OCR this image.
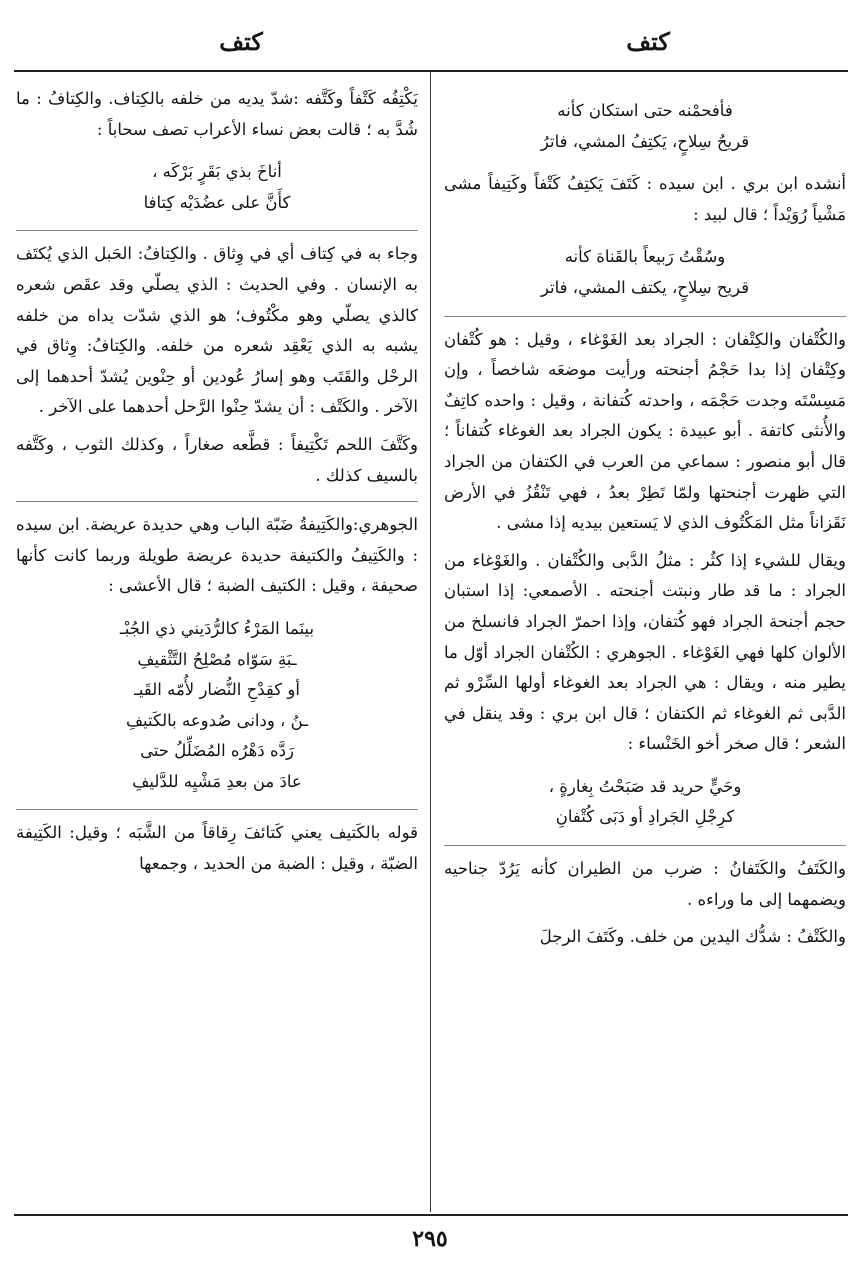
كتف
كتف

فأفحمْنه حتى استكان كأنه

قريحُ سِلاحٍ، يَكتِفُ المشي، فاترُ

أنشده ابن بري . ابن سيده : كَتَفَ يَكتِفُ كَتْفاً وكَتِيفاً مشى مَشْياً رُوَيْداً ؛ قال لبيد :

وسُقْتُ رَبيعاً بالقَناة كأنه

قريح سِلاحٍ، يكتف المشي، فاتر

والكُتْفان والكِتْفان : الجراد بعد الغَوْغاء ، وقيل : هو كُتْفان وكِتْفان إذا بدا حَجْمُ أجنحته ورأيت موضعَه شاخصاً ، وإن مَسِسْتَه وجدت حَجْمَه ، واحدته كُتفانة ، وقيل : واحده كاتِفٌ والأُنثى كاتفة . أبو عبيدة : يكون الجراد بعد الغوغاء كُتفاناً ؛ قال أبو منصور : سماعي من العرب في الكتفان من الجراد التي ظهرت أجنحتها ولمّا تَطِرْ بعدُ ، فهي تَنْقُزُ في الأرض نَقَزاناً مثل المَكْتُوف الذي لا يَستعين بيديه إذا مشى .

ويقال للشيء إذا كثُر : مثلُ الدَّبى والكُتْفان . والغَوْغاء من الجراد : ما قد طار ونبتت أجنحته . الأصمعي: إذا استبان حجم أجنحة الجراد فهو كُتفان، وإذا احمرّ الجراد فانسلخ من الألوان كلها فهي الغَوْغاء . الجوهري : الكُتْفان الجراد أوّل ما يطير منه ، ويقال : هي الجراد بعد الغوغاء أولها السِّرْو ثم الدَّبى ثم الغوغاء ثم الكتفان ؛ قال ابن بري : وقد ينقل في الشعر ؛ قال صخر أخو الخَنْساء :

وحَيٍّ حريد قد صَبَحْتُ بِغارةٍ ،

كرِجْلِ الجَرادِ أو دَبَى كُتْفانِ

والكَتَفُ والكَتَفانُ : ضرب من الطيران كأنه يَرُدّ جناحيه ويضمهما إلى ما وراءه .

والكَتْفُ : شدُّك اليدين من خلف. وكَتَفَ الرجلَ

يَكْتِفُه كَتْفاً وكَتَّفه :شدّ يديه من خلفه بالكِتاف. والكِتافُ : ما شُدَّ به ؛ قالت بعض نساء الأعراب تصف سحاباً :

أناخَ بذي بَقَرٍ بَرْكَه ،

كأَنَّ على عضُدَيْه كِتافا

وجاء به في كِتاف أي في وِثاق . والكِتافُ: الحَبل الذي يُكتَف به الإنسان . وفي الحديث : الذي يصلّي وقد عقَص شعره كالذي يصلّي وهو مكْتُوف؛ هو الذي شدّت يداه من خلفه يشبه به الذي يَعْقِد شعره من خلفه. والكِتافُ: وِثاق في الرحْل والقَتَب وهو إسارُ عُودين أو حِنْوين يُشدّ أحدهما إلى الآخر . والكَتْف : أن يشدّ حِنْوا الرَّحل أحدهما على الآخر .

وكَتَّفَ اللحم تَكْتِيفاً : قطَّعه صغاراً ، وكذلك الثوب ، وكَتَّفه بالسيف كذلك .

الجوهري:والكَتِيفةُ ضَبّة الباب وهي حديدة عريضة. ابن سيده : والكَتِيفُ والكتيفة حديدة عريضة طويلة وربما كانت كأنها صحيفة ، وقيل : الكتيف الضبة ؛ قال الأعشى :

بينَما المَرْءُ كالرُّدَيني ذي الجُبْـ

ـبَةِ سَوّاه مُصْلِحُ التَّثْقيفِ

أو كقِدْحِ النُّضار لأُمّه القَيـ

ـنُ ، ودانى صُدوعه بالكَتيفِ

رَدَّه دَهْرُه المُضَلِّلُ حتى

عادَ من بعدِ مَشْيِه للدَّليفِ

قوله بالكَتيف يعني كَتائفَ رِقاقاً من الشَّبَه ؛ وقيل: الكَتِيفة الضبّة ، وقيل : الضبة من الحديد ، وجمعها

٢٩٥
